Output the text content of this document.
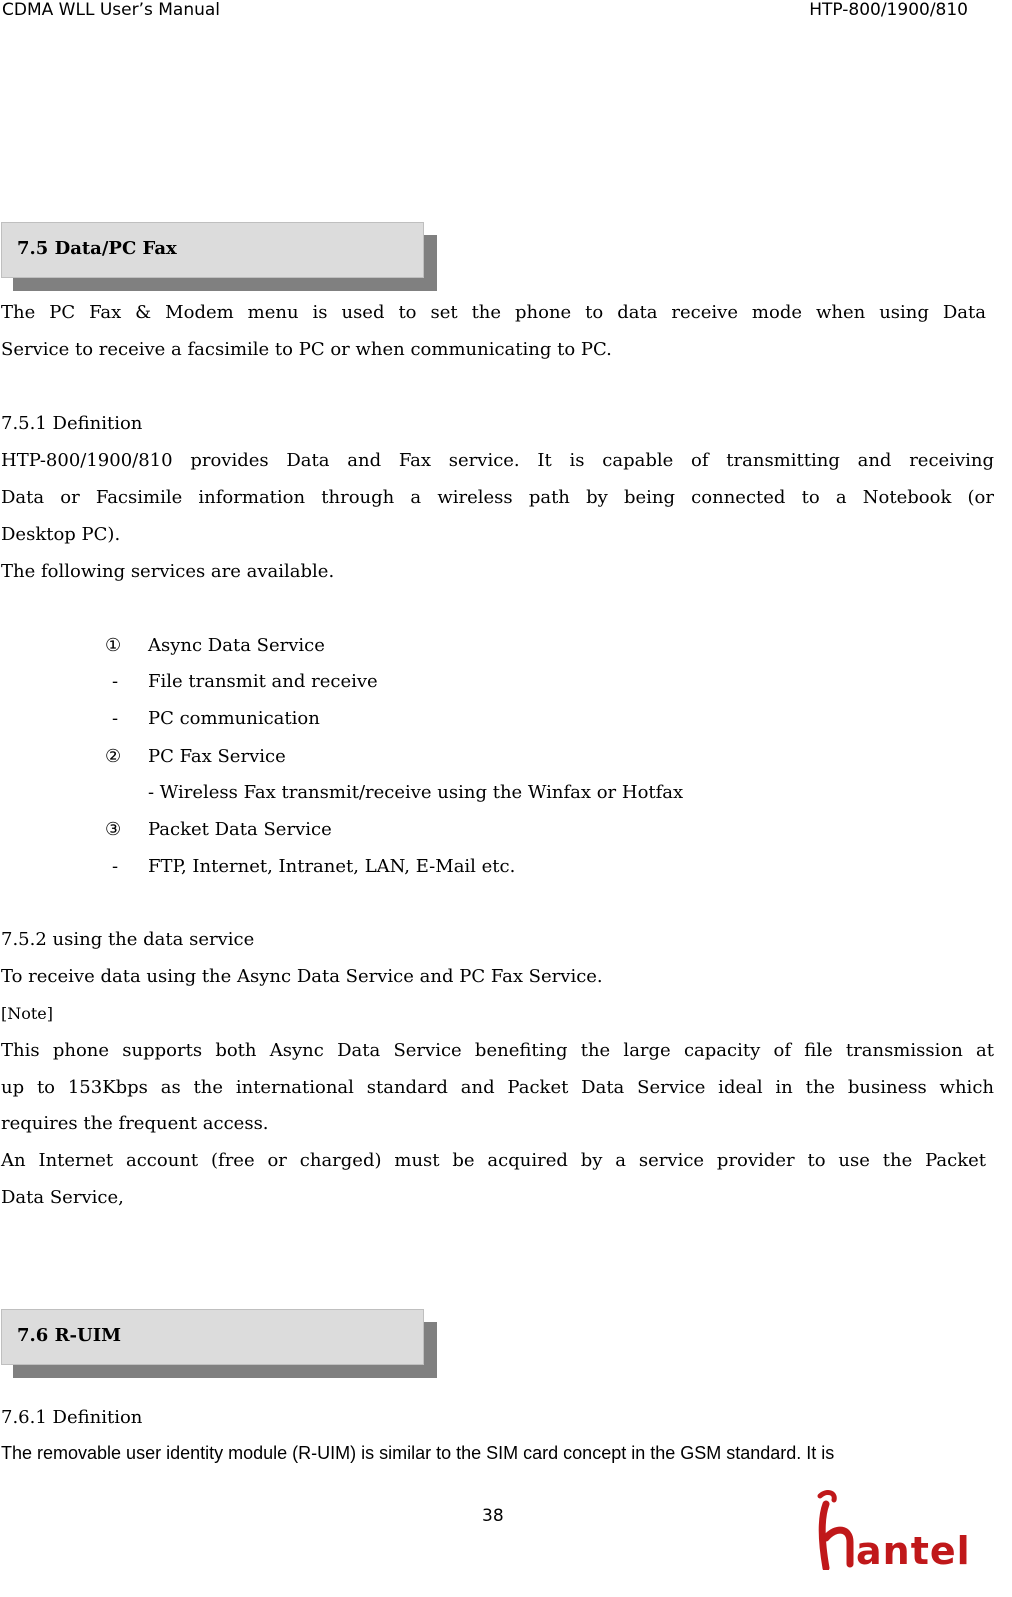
CDMA WLL User’s Manual	HTP-800/1900/810
7.5 Data/PC Fax
The PC Fax & Modem menu is used to set the phone to data receive mode when using Data
Service to receive a facsimile to PC or when communicating to PC.
7.5.1 Definition
HTP-800/1900/810 provides Data and Fax service. It is capable of transmitting and receiving
Data or Facsimile information through a wireless path by being connected to a Notebook (or
Desktop PC).
The following services are available.
① Async Data Service
- File transmit and receive
- PC communication
② PC Fax Service
- Wireless Fax transmit/receive using the Winfax or Hotfax
③ Packet Data Service
- FTP, Internet, Intranet, LAN, E-Mail etc.
7.5.2 using the data service
To receive data using the Async Data Service and PC Fax Service.
[Note]
This phone supports both Async Data Service benefiting the large capacity of file transmission at
up to 153Kbps as the international standard and Packet Data Service ideal in the business which
requires the frequent access.
An Internet account (free or charged) must be acquired by a service provider to use the Packet
Data Service,
7.6 R-UIM
7.6.1 Definition
The removable user identity module (R-UIM) is similar to the SIM card concept in the GSM standard. It is
38
antel
